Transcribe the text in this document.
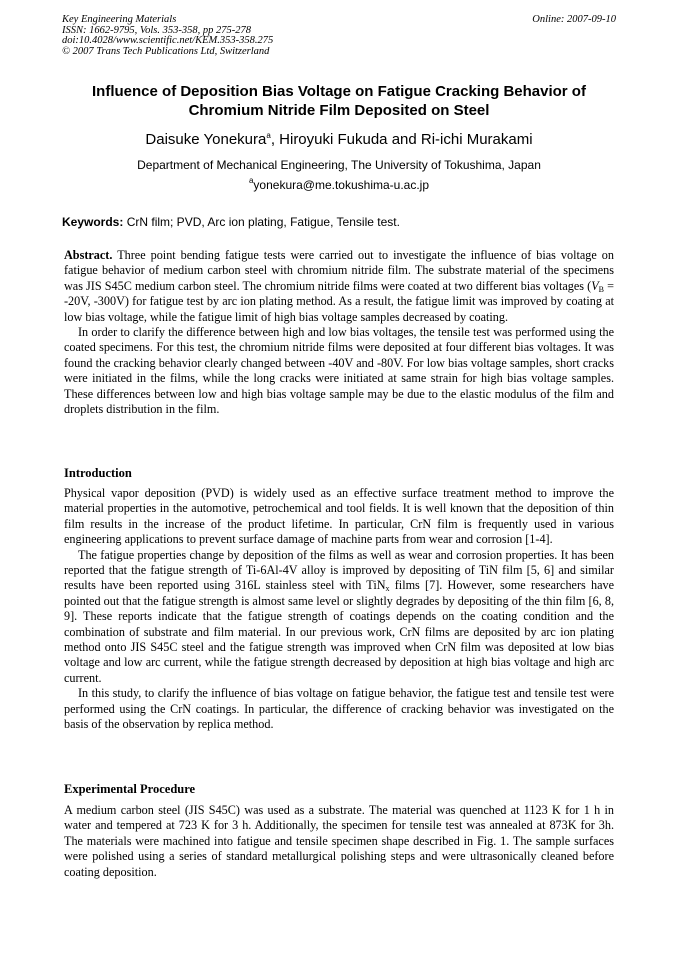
Key Engineering Materials
ISSN: 1662-9795, Vols. 353-358, pp 275-278
doi:10.4028/www.scientific.net/KEM.353-358.275
© 2007 Trans Tech Publications Ltd, Switzerland
Online: 2007-09-10
Influence of Deposition Bias Voltage on Fatigue Cracking Behavior of
Chromium Nitride Film Deposited on Steel
Daisuke Yonekura$^a$, Hiroyuki Fukuda and Ri-ichi Murakami
Department of Mechanical Engineering, The University of Tokushima, Japan
$^a$yonekura@me.tokushima-u.ac.jp
Keywords: CrN film; PVD, Arc ion plating, Fatigue, Tensile test.

Abstract. Three point bending fatigue tests were carried out to investigate the influence of bias voltage on fatigue behavior of medium carbon steel with chromium nitride film. The substrate material of the specimens was JIS S45C medium carbon steel. The chromium nitride films were coated at two different bias voltages ($V_B = -20V$, -300V) for fatigue test by arc ion plating method. As a result, the fatigue limit was improved by coating at low bias voltage, while the fatigue limit of high bias voltage samples decreased by coating.

In order to clarify the difference between high and low bias voltages, the tensile test was performed using the coated specimens. For this test, the chromium nitride films were deposited at four different bias voltages. It was found the cracking behavior clearly changed between -40V and -80V. For low bias voltage samples, short cracks were initiated in the films, while the long cracks were initiated at same strain for high bias voltage samples. These differences between low and high bias voltage sample may be due to the elastic modulus of the film and droplets distribution in the film.

Introduction

Physical vapor deposition (PVD) is widely used as an effective surface treatment method to improve the material properties in the automotive, petrochemical and tool fields. It is well known that the deposition of thin film results in the increase of the product lifetime. In particular, CrN film is frequently used in various engineering applications to prevent surface damage of machine parts from wear and corrosion [1-4].

The fatigue properties change by deposition of the films as well as wear and corrosion properties. It has been reported that the fatigue strength of Ti-6Al-4V alloy is improved by depositing of TiN film [5, 6] and similar results have been reported using 316L stainless steel with TiN$_x$ films [7]. However, some researchers have pointed out that the fatigue strength is almost same level or slightly degrades by depositing of the thin film [6, 8, 9]. These reports indicate that the fatigue strength of coatings depends on the coating condition and the combination of substrate and film material. In our previous work, CrN films are deposited by arc ion plating method onto JIS S45C steel and the fatigue strength was improved when CrN film was deposited at low bias voltage and low arc current, while the fatigue strength decreased by deposition at high bias voltage and high arc current.

In this study, to clarify the influence of bias voltage on fatigue behavior, the fatigue test and tensile test were performed using the CrN coatings. In particular, the difference of cracking behavior was investigated on the basis of the observation by replica method.

Experimental Procedure

A medium carbon steel (JIS S45C) was used as a substrate. The material was quenched at 1123 K for 1 h in water and tempered at 723 K for 3 h. Additionally, the specimen for tensile test was annealed at 873K for 3h. The materials were machined into fatigue and tensile specimen shape described in Fig. 1. The sample surfaces were polished using a series of standard metallurgical polishing steps and were ultrasonically cleaned before coating deposition.
